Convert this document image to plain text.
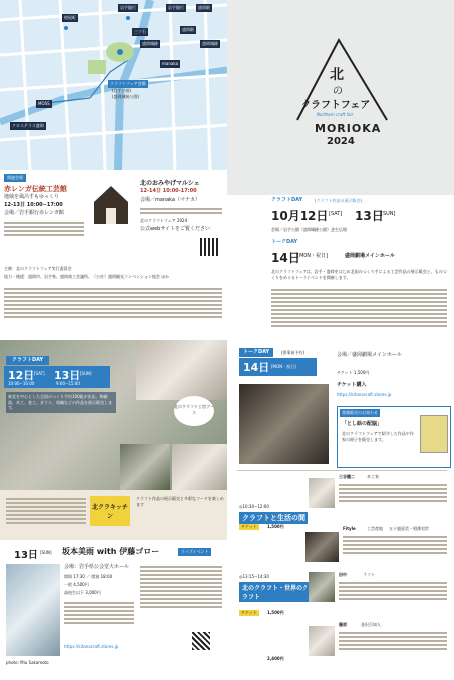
岩手銀行
紺屋町
盛岡城跡
クラフトフェア会場
(岩手公園)
(盛岡城跡公園)
盛岡駅
MOSS
クロステラス盛岡
manaka
三ツ石
盛岡駅
岩手銀行
盛岡城跡
関連会場
赤レンガ伝統工芸館
地域を風呂すもゆっくり
12‐13日 10:00−17:00
会場／岩手銀行赤レンガ館
北のおみやげマルシェ
12‐14日 10:00‐17:00
会場／manaka（マナカ）
北のクラフトフェア 2024
公式webサイトをご覧ください
主催：北のクラフトフェア実行委員会
協力・後援：盛岡市、岩手県、盛岡商工会議所、（公社）盛岡観光コンベンション協会 ほか
北
の
クラフトフェア
Northern craft fair
MORIOKA
2024
クラフトDAY	(クラフト作品の展示販売)
10月12日 [SAT] 13日
[SUN]
会場／岩手公園（盛岡城跡公園）芝生広場
トークDAY
14日
[MON・祝日]	盛岡劇場メインホール
北のクラフトフェアは、岩手・盛岡をはじめ北国のつくり手による工芸作品の展示販売と、ものづくりをめぐるトークイベントを開催します。
クラフトDAY
12日 [SAT] 13日 [SUN]
10:00−16:00	9:00−15:00
東北を中心とした全国のつくり手約100組が出店。陶磁器、木工、金工、ガラス、染織などの作品を展示販売します。	北のクラフト工房ブース
北クラキッチン
クラフト作品の展示販売と多彩なフードを楽しめます
トークDAY	(要事前予約)
14日 [MON・祝日]
会場／盛岡劇場メインホール
チケット 1,500円
チケット購入
https://kitanocraft.stores.jp
書籍販売のお知らせ
「とし絵の配脳」
北のクラフトフェアで紹介した作品や作家の冊子を販売します。
◎10:30−12:00
クラフトと生活の間
チケット	1,500円
◎13:15−14:30
北のクラフト・世界のクラフト
チケット	1,500円
2,400円
三谷龍二	木工家
Fityle	工芸産地 五十嵐恵美・相澤君世
田中	ラフト
藤原	金沢百知人
13日 [SUN] 坂本美雨 with 伊藤ゴロー	ライブイベント
photo: Miu Sakamoto
会場：岩手県公会堂大ホール
開場 17:30 ／ 開演 18:00
一般 4,500円
高校生以下 3,000円
https://kitanocraft.stores.jp
